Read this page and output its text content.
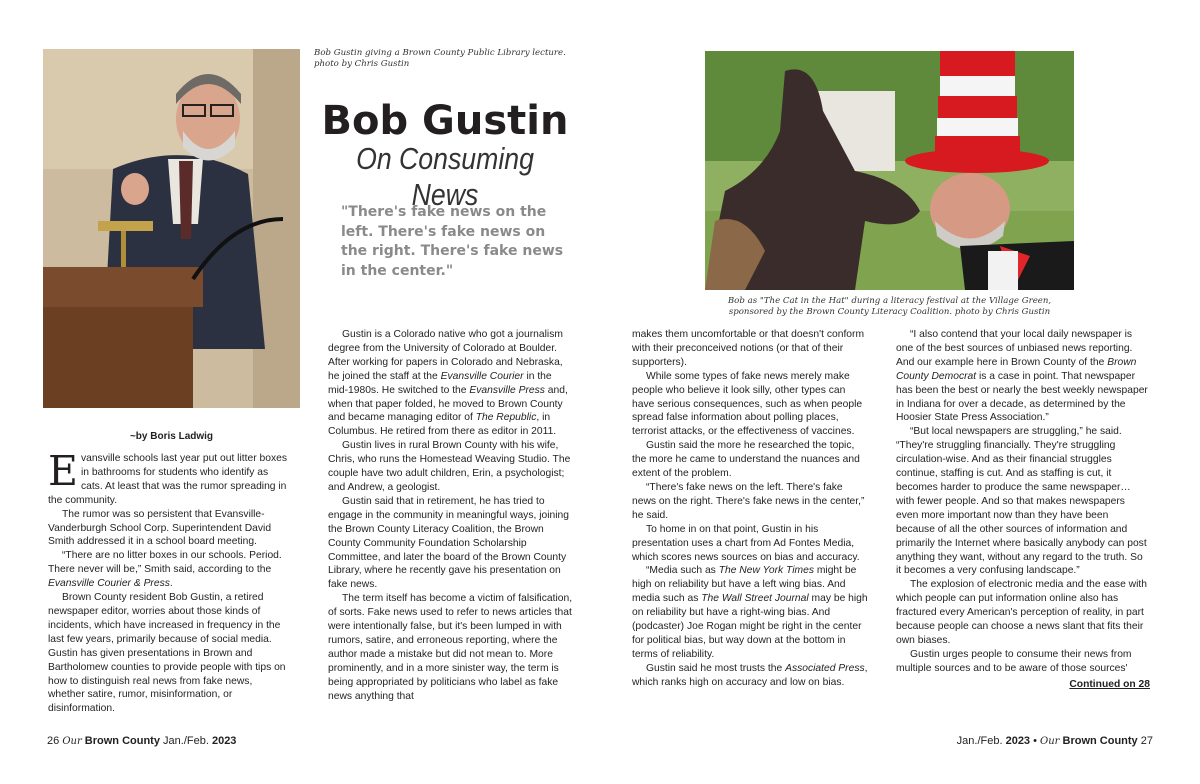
Bob Gustin giving a Brown County Public Library lecture.
photo by Chris Gustin
Bob Gustin
On Consuming News
"There's fake news on the left. There's fake news on the right. There's fake news in the center."
Bob as "The Cat in the Hat" during a literacy festival at the Village Green,
sponsored by the Brown County Literacy Coalition. photo by Chris Gustin
~by Boris Ladwig

Evansville schools last year put out litter boxes in bathrooms for students who identify as cats. At least that was the rumor spreading in the community.

The rumor was so persistent that Evansville-Vanderburgh School Corp. Superintendent David Smith addressed it in a school board meeting.

“There are no litter boxes in our schools. Period. There never will be,” Smith said, according to the Evansville Courier & Press.

Brown County resident Bob Gustin, a retired newspaper editor, worries about those kinds of incidents, which have increased in frequency in the last few years, primarily because of social media. Gustin has given presentations in Brown and Bartholomew counties to provide people with tips on how to distinguish real news from fake news, whether satire, rumor, misinformation, or disinformation.

Gustin is a Colorado native who got a journalism degree from the University of Colorado at Boulder. After working for papers in Colorado and Nebraska, he joined the staff at the Evansville Courier in the mid-1980s. He switched to the Evansville Press and, when that paper folded, he moved to Brown County and became managing editor of The Republic, in Columbus. He retired from there as editor in 2011.

Gustin lives in rural Brown County with his wife, Chris, who runs the Homestead Weaving Studio. The couple have two adult children, Erin, a psychologist; and Andrew, a geologist.

Gustin said that in retirement, he has tried to engage in the community in meaningful ways, joining the Brown County Literacy Coalition, the Brown County Community Foundation Scholarship Committee, and later the board of the Brown County Library, where he recently gave his presentation on fake news.

The term itself has become a victim of falsification, of sorts. Fake news used to refer to news articles that were intentionally false, but it's been lumped in with rumors, satire, and erroneous reporting, where the author made a mistake but did not mean to. More prominently, and in a more sinister way, the term is being appropriated by politicians who label as fake news anything that

makes them uncomfortable or that doesn't conform with their preconceived notions (or that of their supporters).

While some types of fake news merely make people who believe it look silly, other types can have serious consequences, such as when people spread false information about polling places, terrorist attacks, or the effectiveness of vaccines.

Gustin said the more he researched the topic, the more he came to understand the nuances and extent of the problem.

“There's fake news on the left. There's fake news on the right. There's fake news in the center,” he said.

To home in on that point, Gustin in his presentation uses a chart from Ad Fontes Media, which scores news sources on bias and accuracy.

“Media such as The New York Times might be high on reliability but have a left wing bias. And media such as The Wall Street Journal may be high on reliability but have a right-wing bias. And (podcaster) Joe Rogan might be right in the center for political bias, but way down at the bottom in terms of reliability.

Gustin said he most trusts the Associated Press, which ranks high on accuracy and low on bias.

“I also contend that your local daily newspaper is one of the best sources of unbiased news reporting. And our example here in Brown County of the Brown County Democrat is a case in point. That newspaper has been the best or nearly the best weekly newspaper in Indiana for over a decade, as determined by the Hoosier State Press Association.”

“But local newspapers are struggling,” he said. “They're struggling financially. They're struggling circulation-wise. And as their financial struggles continue, staffing is cut. And as staffing is cut, it becomes harder to produce the same newspaper… with fewer people. And so that makes newspapers even more important now than they have been because of all the other sources of information and primarily the Internet where basically anybody can post anything they want, without any regard to the truth. So it becomes a very confusing landscape.”

The explosion of electronic media and the ease with which people can put information online also has fractured every American's perception of reality, in part because people can choose a news slant that fits their own biases.

Gustin urges people to consume their news from multiple sources and to be aware of those sources'

Continued on 28
26 Our Brown County Jan./Feb. 2023	Jan./Feb. 2023 • Our Brown County 27
